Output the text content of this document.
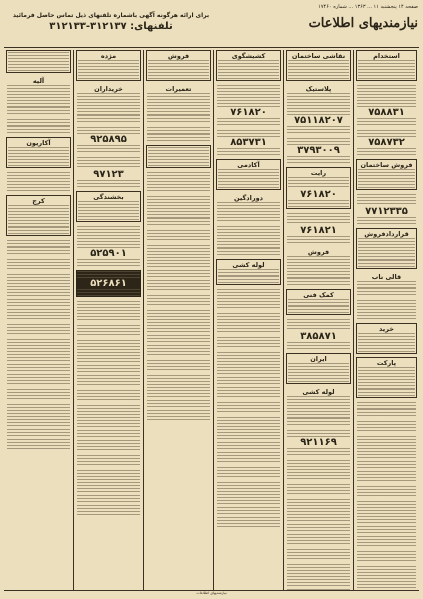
صفحه ۱۴ پنجشنبه ۱۱ ... ۱۳۶۳ ... شماره ۱۷۴۶۰
نیازمندیهای اطلاعات
برای ارائه هرگونه آگهی باشماره تلفنهای ذیل تماس حاصل فرمائید
تلفنهای: ۳۱۲۱۳۷-۳۱۲۱۳۳
استخدام
۷۵۸۸۳۱
۷۵۸۷۳۲
فروش ساختمان
۷۷۱۲۳۳۵
قراردادفروش
قالی ناب
خرید
پارکت
نقاشی ساختمان
پلاستیک
۷۵۱۱۸۲۰۷
۳۷۹۳۰۰۹
رایت
۷۶۱۸۲۰
۷۶۱۸۲۱
فروش
کمک فنی
۳۸۵۸۷۱
ایران
لوله کشی
۹۲۱۱۶۹
کشیشگوی
۷۶۱۸۲۰
۸۵۳۷۳۱
آکادمی
دورادگین
لوله کشی
فروش
تعمیرات
مژده
خریداران
۹۲۵۸۹۵
۹۷۱۲۳
بخشندگی
۵۲۵۹۰۱
۵۲۶۸۶۱
آلیه
آکاریون
کرج
نیازمندیهای اطلاعات
